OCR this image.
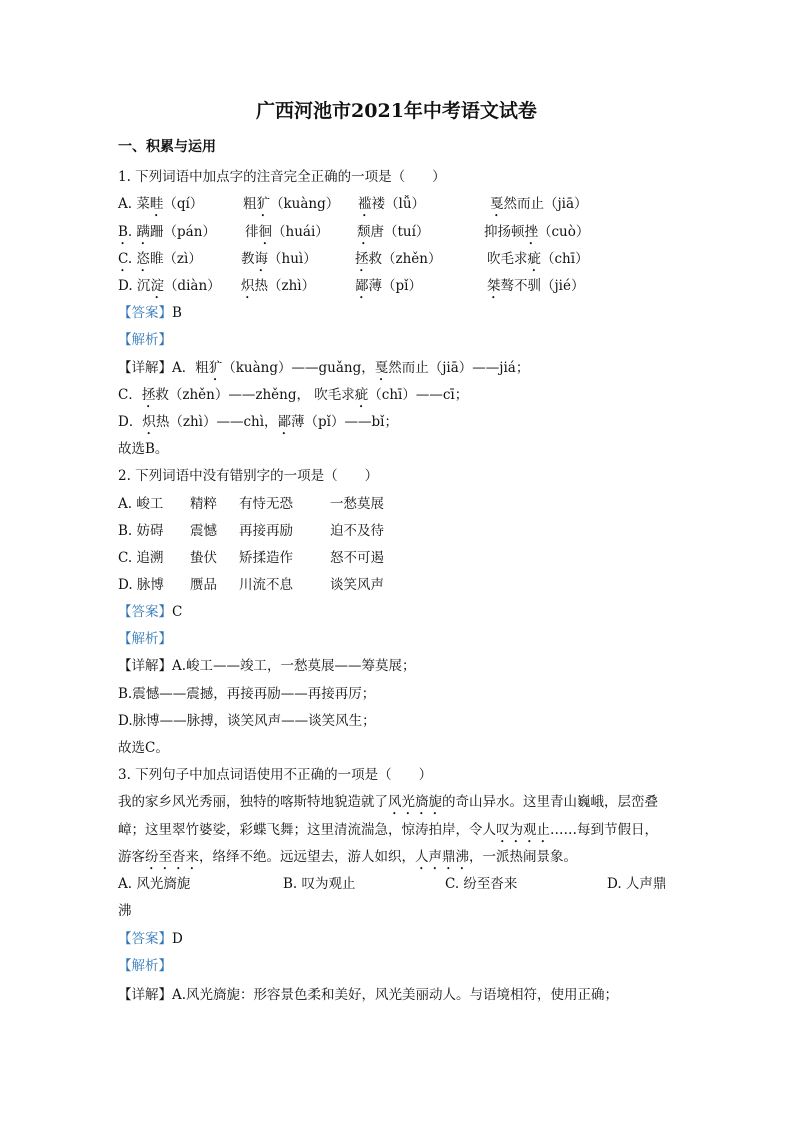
广西河池市2021年中考语文试卷
一、积累与运用
1. 下列词语中加点字的注音完全正确的一项是（　　）
A. 菜畦（qí）	粗犷（kuàng） 褴褛（lǚ）	戛然而止（jiā）
B. 蹒跚（pán） 徘徊（huái） 颓唐（tuí）	抑扬顿挫（cuò）
C. 恣睢（zì）	教诲（huì）	拯救（zhěn）	吹毛求疵（chī）
D. 沉淀（diàn） 炽热（zhì）	鄙薄（pǐ）	桀骜不驯（jié）
【答案】B
【解析】
【详解】A．粗犷（kuàng）——guǎng，戛然而止（jiā）——jiá；
C．拯救（zhěn）——zhěng， 吹毛求疵（chī）——cī；
D．炽热（zhì）——chì，鄙薄（pǐ）——bǐ；
故选B。
2. 下列词语中没有错别字的一项是（　　）
A. 峻工 精粹 有恃无恐	一愁莫展
B. 妨碍 震憾 再接再励	迫不及待
C. 追溯 蛰伏 矫揉造作	怒不可遏
D. 脉博 赝品 川流不息	谈笑风声
【答案】C
【解析】
【详解】A.峻工——竣工，一愁莫展——筹莫展；
B.震憾——震撼，再接再励——再接再厉；
D.脉博——脉搏，谈笑风声——谈笑风生；
故选C。
3. 下列句子中加点词语使用不正确的一项是（　　）
我的家乡风光秀丽，独特的喀斯特地貌造就了风光旖旎的奇山异水。这里青山巍峨，层峦叠
嶂；这里翠竹婆娑，彩蝶飞舞；这里清流湍急，惊涛拍岸，令人叹为观止……每到节假日，
游客纷至沓来，络绎不绝。远远望去，游人如织，人声鼎沸，一派热闹景象。
A. 风光旖旎	B. 叹为观止	C. 纷至沓来	D. 人声鼎
沸
【答案】D
【解析】
【详解】A.风光旖旎：形容景色柔和美好，风光美丽动人。与语境相符，使用正确；
